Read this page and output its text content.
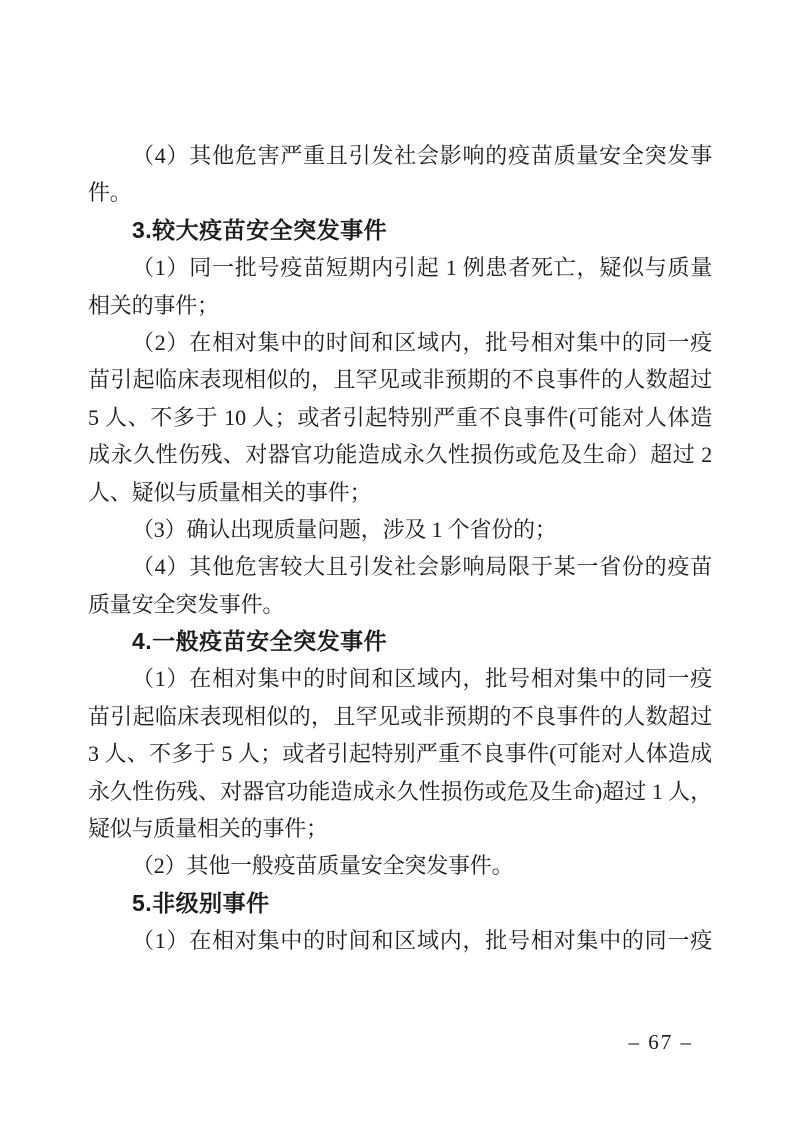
（4）其他危害严重且引发社会影响的疫苗质量安全突发事
件。
3.较大疫苗安全突发事件
（1）同一批号疫苗短期内引起 1 例患者死亡，疑似与质量
相关的事件；
（2）在相对集中的时间和区域内，批号相对集中的同一疫
苗引起临床表现相似的，且罕见或非预期的不良事件的人数超过
5 人、不多于 10 人；或者引起特别严重不良事件(可能对人体造
成永久性伤残、对器官功能造成永久性损伤或危及生命）超过 2
人、疑似与质量相关的事件；
（3）确认出现质量问题，涉及 1 个省份的；
（4）其他危害较大且引发社会影响局限于某一省份的疫苗
质量安全突发事件。
4.一般疫苗安全突发事件
（1）在相对集中的时间和区域内，批号相对集中的同一疫
苗引起临床表现相似的，且罕见或非预期的不良事件的人数超过
3 人、不多于 5 人；或者引起特别严重不良事件(可能对人体造成
永久性伤残、对器官功能造成永久性损伤或危及生命)超过 1 人，
疑似与质量相关的事件；
（2）其他一般疫苗质量安全突发事件。
5.非级别事件
（1）在相对集中的时间和区域内，批号相对集中的同一疫
– 67 –
